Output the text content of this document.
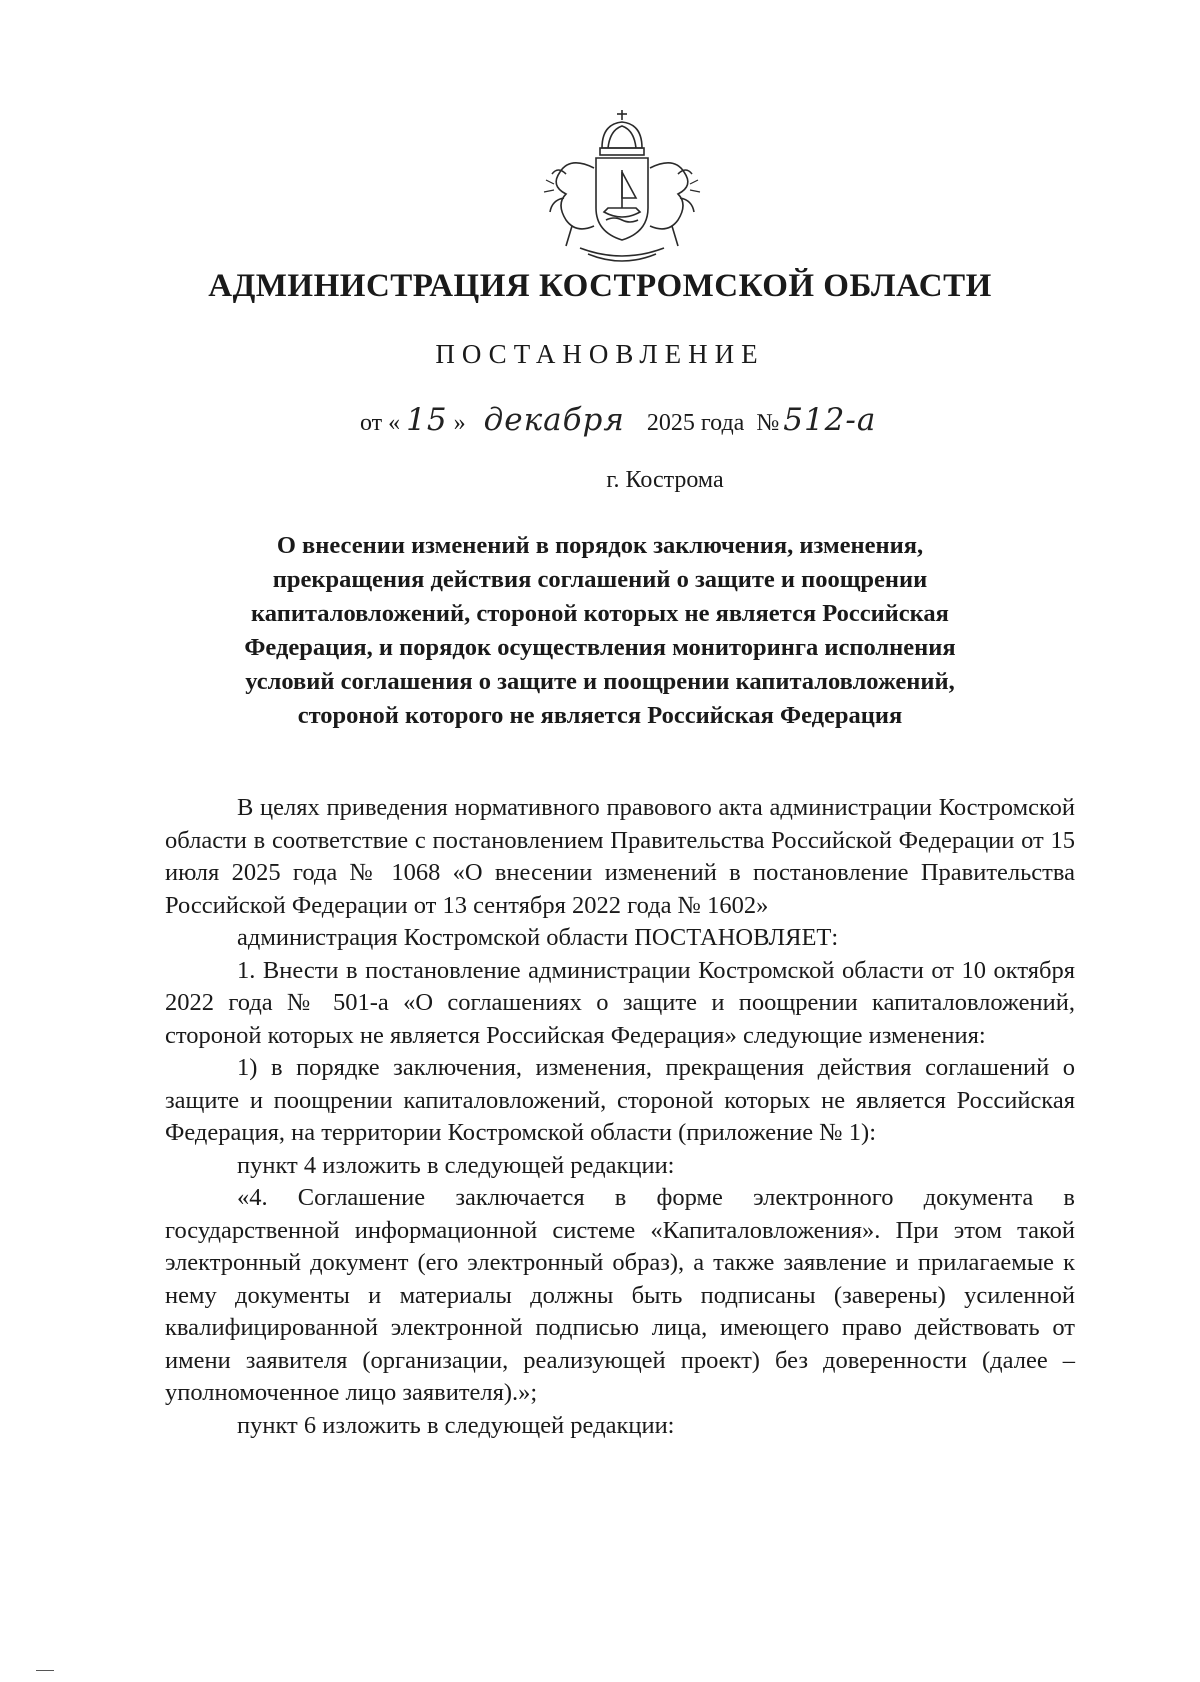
АДМИНИСТРАЦИЯ КОСТРОМСКОЙ ОБЛАСТИ
ПОСТАНОВЛЕНИЕ
от « 15 » декабря 2025 года № 512-а
г. Кострома
О внесении изменений в порядок заключения, изменения, прекращения действия соглашений о защите и поощрении капиталовложений, стороной которых не является Российская Федерация, и порядок осуществления мониторинга исполнения условий соглашения о защите и поощрении капиталовложений, стороной которого не является Российская Федерация

В целях приведения нормативного правового акта администрации Костромской области в соответствие с постановлением Правительства Российской Федерации от 15 июля 2025 года № 1068 «О внесении изменений в постановление Правительства Российской Федерации от 13 сентября 2022 года № 1602»

администрация Костромской области ПОСТАНОВЛЯЕТ:

1. Внести в постановление администрации Костромской области от 10 октября 2022 года № 501-а «О соглашениях о защите и поощрении капиталовложений, стороной которых не является Российская Федерация» следующие изменения:

1) в порядке заключения, изменения, прекращения действия соглашений о защите и поощрении капиталовложений, стороной которых не является Российская Федерация, на территории Костромской области (приложение № 1):

пункт 4 изложить в следующей редакции:

«4. Соглашение заключается в форме электронного документа в государственной информационной системе «Капиталовложения». При этом такой электронный документ (его электронный образ), а также заявление и прилагаемые к нему документы и материалы должны быть подписаны (заверены) усиленной квалифицированной электронной подписью лица, имеющего право действовать от имени заявителя (организации, реализующей проект) без доверенности (далее – уполномоченное лицо заявителя).»;

пункт 6 изложить в следующей редакции:
